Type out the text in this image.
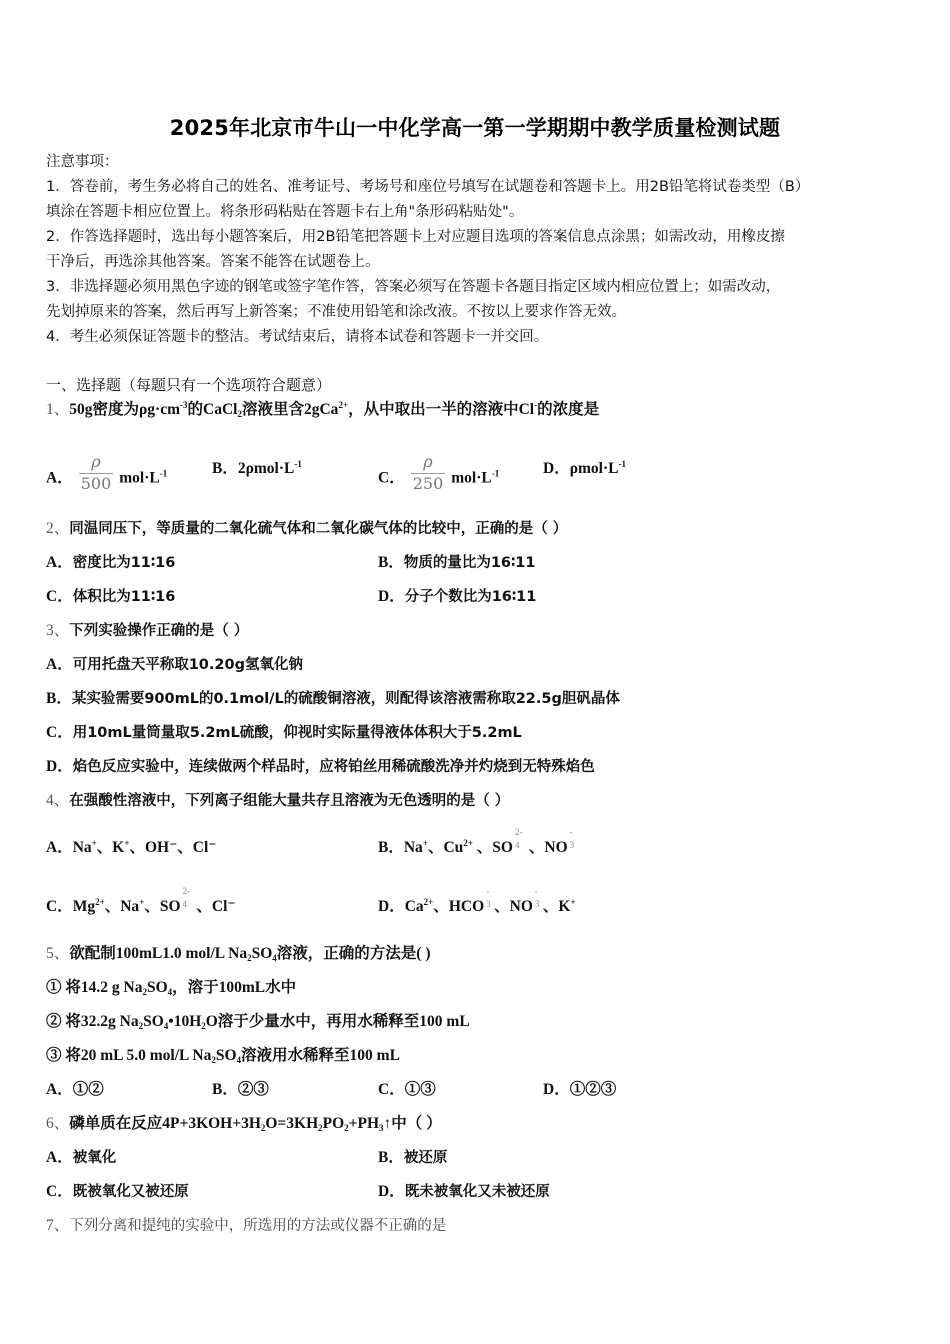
2025年北京市牛山一中化学高一第一学期期中教学质量检测试题
注意事项：
1．答卷前，考生务必将自己的姓名、准考证号、考场号和座位号填写在试题卷和答题卡上。用2B铅笔将试卷类型（B）
填涂在答题卡相应位置上。将条形码粘贴在答题卡右上角"条形码粘贴处"。
2．作答选择题时，选出每小题答案后，用2B铅笔把答题卡上对应题目选项的答案信息点涂黑；如需改动，用橡皮擦
干净后，再选涂其他答案。答案不能答在试题卷上。
3．非选择题必须用黑色字迹的钢笔或签字笔作答，答案必须写在答题卡各题目指定区域内相应位置上；如需改动，
先划掉原来的答案，然后再写上新答案；不准使用铅笔和涂改液。不按以上要求作答无效。
4．考生必须保证答题卡的整洁。考试结束后，请将本试卷和答题卡一并交回。
一、选择题（每题只有一个选项符合题意）
1、50g密度为$\rho g\cdot cm^{-3}$的CaCl$_2$溶液里含2gCa$^{2+}$，从中取出一半的溶液中Cl-的浓度是
A． $\frac{\rho}{500} mol\cdot L^{-1}$	B．$2\rho mol\cdot L^{-1}$
C． $\frac{\rho}{250} mol\cdot L^{-1}$	D．$\rho mol\cdot L^{-1}$
2、同温同压下，等质量的二氧化硫气体和二氧化碳气体的比较中，正确的是（ ）
A．密度比为11∶16	B．物质的量比为16∶11
C．体积比为11∶16	D．分子个数比为16∶11
3、下列实验操作正确的是（ ）
A．可用托盘天平称取10.20g氢氧化钠
B．某实验需要900mL的0.1mol/L的硫酸铜溶液，则配得该溶液需称取22.5g胆矾晶体
C．用10mL量筒量取5.2mL硫酸，仰视时实际量得液体体积大于5.2mL
D．焰色反应实验中，连续做两个样品时，应将铂丝用稀硫酸洗净并灼烧到无特殊焰色
4、在强酸性溶液中，下列离子组能大量共存且溶液为无色透明的是（ ）
A．Na+、K+、OH⁻、Cl⁻	B．Na+、$Cu^{2+}$ 、SO
2-
4 、NO
-
3
C．$Mg^{2+}$、Na+、SO
2-
4 、Cl⁻	D．$Ca^{2+}$、HCO
-
3 、NO
-
3 、K+
5、欲配制100mL1.0 mol/L $Na_2SO_4$溶液，正确的方法是( )
① 将14.2 g $Na_2SO_4$，溶于100mL水中
② 将32.2g $Na_2SO_4•10H_2O$溶于少量水中，再用水稀释至100 mL
③ 将20 mL 5.0 mol/L $Na_2SO_4$溶液用水稀释至100 mL
A．①②	B．②③	C．①③	D．①②③
6、磷单质在反应$4P+3KOH+3H_2O=3KH_2PO_2+PH_3↑$中（ ）
A．被氧化	B．被还原
C．既被氧化又被还原	D．既未被氧化又未被还原
7、下列分离和提纯的实验中，所选用的方法或仪器不正确的是
